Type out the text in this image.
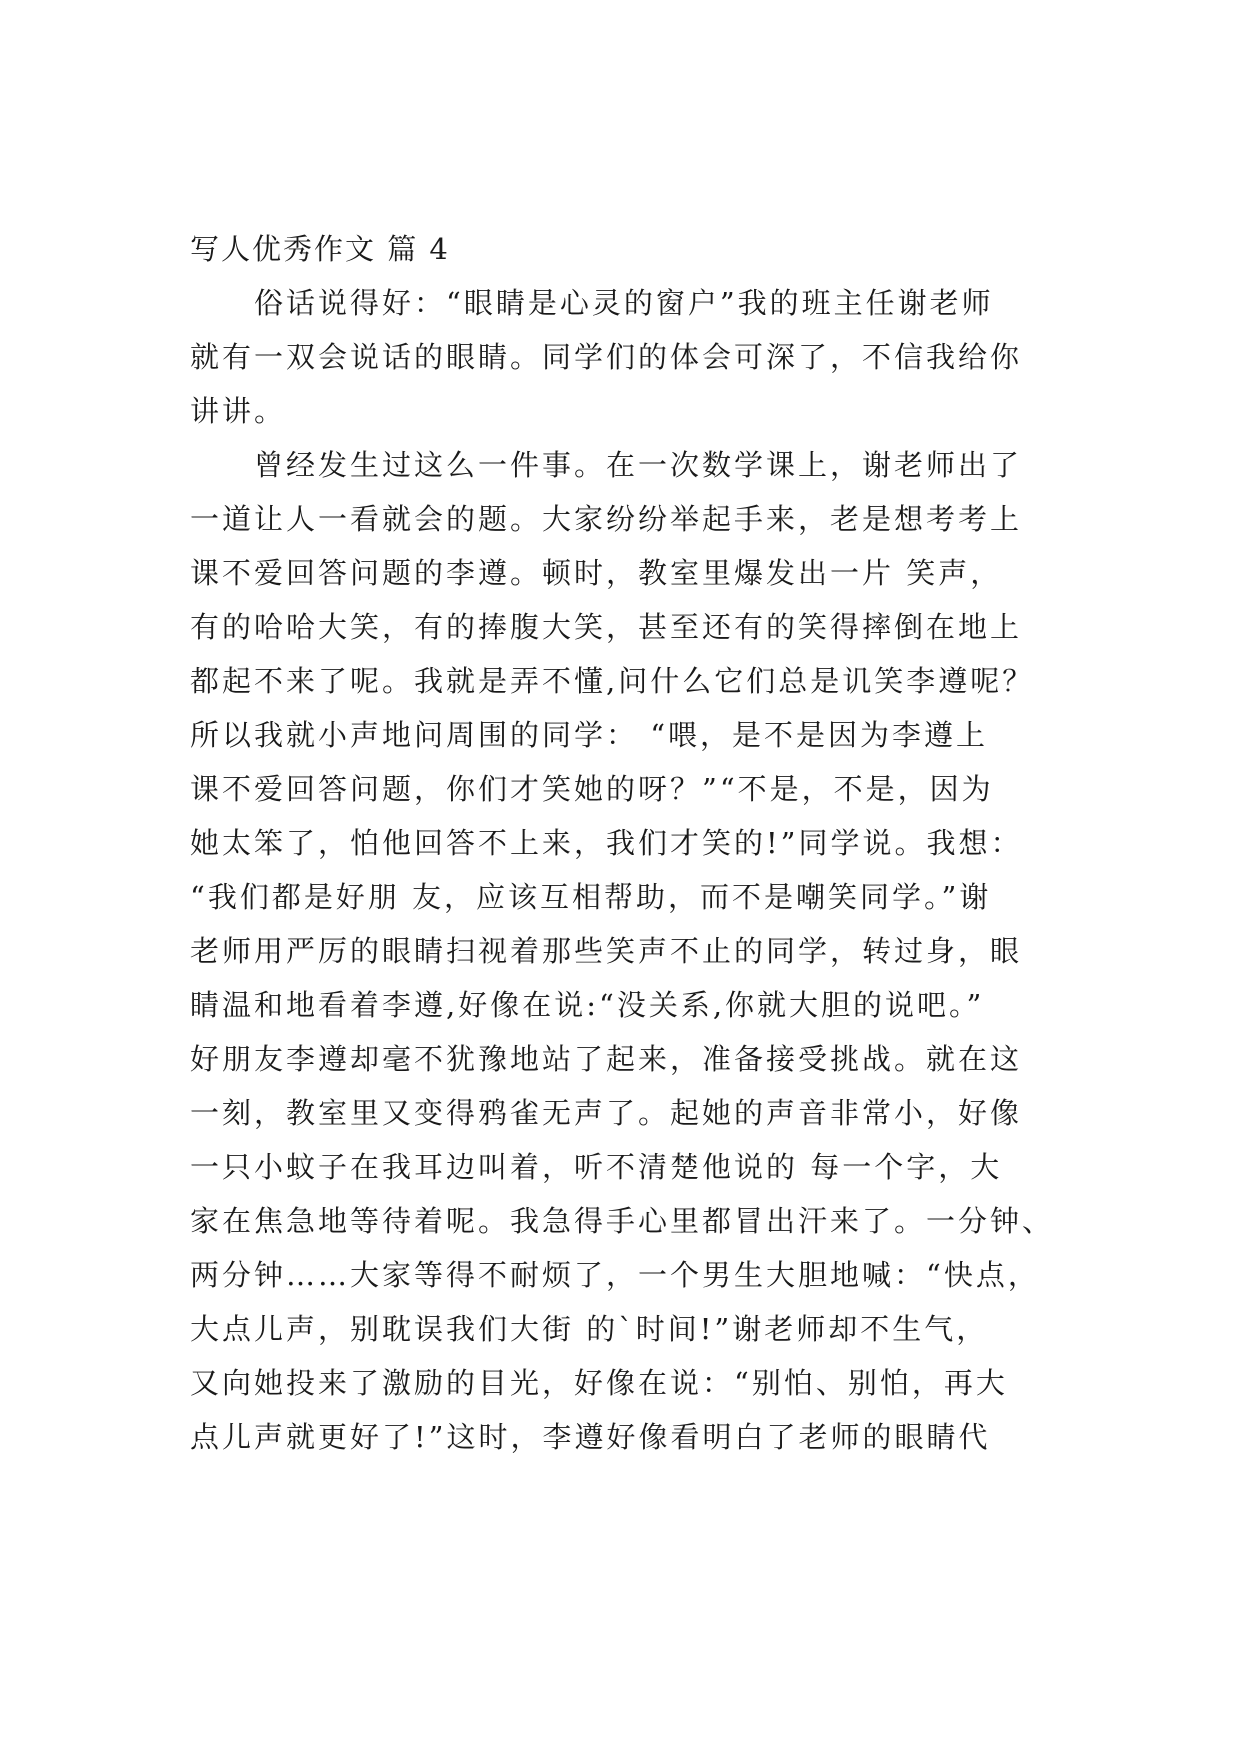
写人优秀作文 篇 4
俗话说得好：“眼睛是心灵的窗户”我的班主任谢老师
就有一双会说话的眼睛。同学们的体会可深了，不信我给你
讲讲。
曾经发生过这么一件事。在一次数学课上，谢老师出了
一道让人一看就会的题。大家纷纷举起手来，老是想考考上
课不爱回答问题的李遵。顿时，教室里爆发出一片 笑声，
有的哈哈大笑，有的捧腹大笑，甚至还有的笑得摔倒在地上
都起不来了呢。我就是弄不懂,问什么它们总是讥笑李遵呢？
所以我就小声地问周围的同学： “喂，是不是因为李遵上
课不爱回答问题，你们才笑她的呀？”“不是，不是，因为
她太笨了，怕他回答不上来，我们才笑的!”同学说。我想：
“我们都是好朋 友，应该互相帮助，而不是嘲笑同学。”谢
老师用严厉的眼睛扫视着那些笑声不止的同学，转过身，眼
睛温和地看着李遵,好像在说:“没关系,你就大胆的说吧。”
好朋友李遵却毫不犹豫地站了起来，准备接受挑战。就在这
一刻，教室里又变得鸦雀无声了。起她的声音非常小，好像
一只小蚊子在我耳边叫着，听不清楚他说的 每一个字，大
家在焦急地等待着呢。我急得手心里都冒出汗来了。一分钟、
两分钟……大家等得不耐烦了，一个男生大胆地喊：“快点，
大点儿声，别耽误我们大街 的`时间!”谢老师却不生气，
又向她投来了激励的目光，好像在说：“别怕、别怕，再大
点儿声就更好了!”这时，李遵好像看明白了老师的眼睛代
